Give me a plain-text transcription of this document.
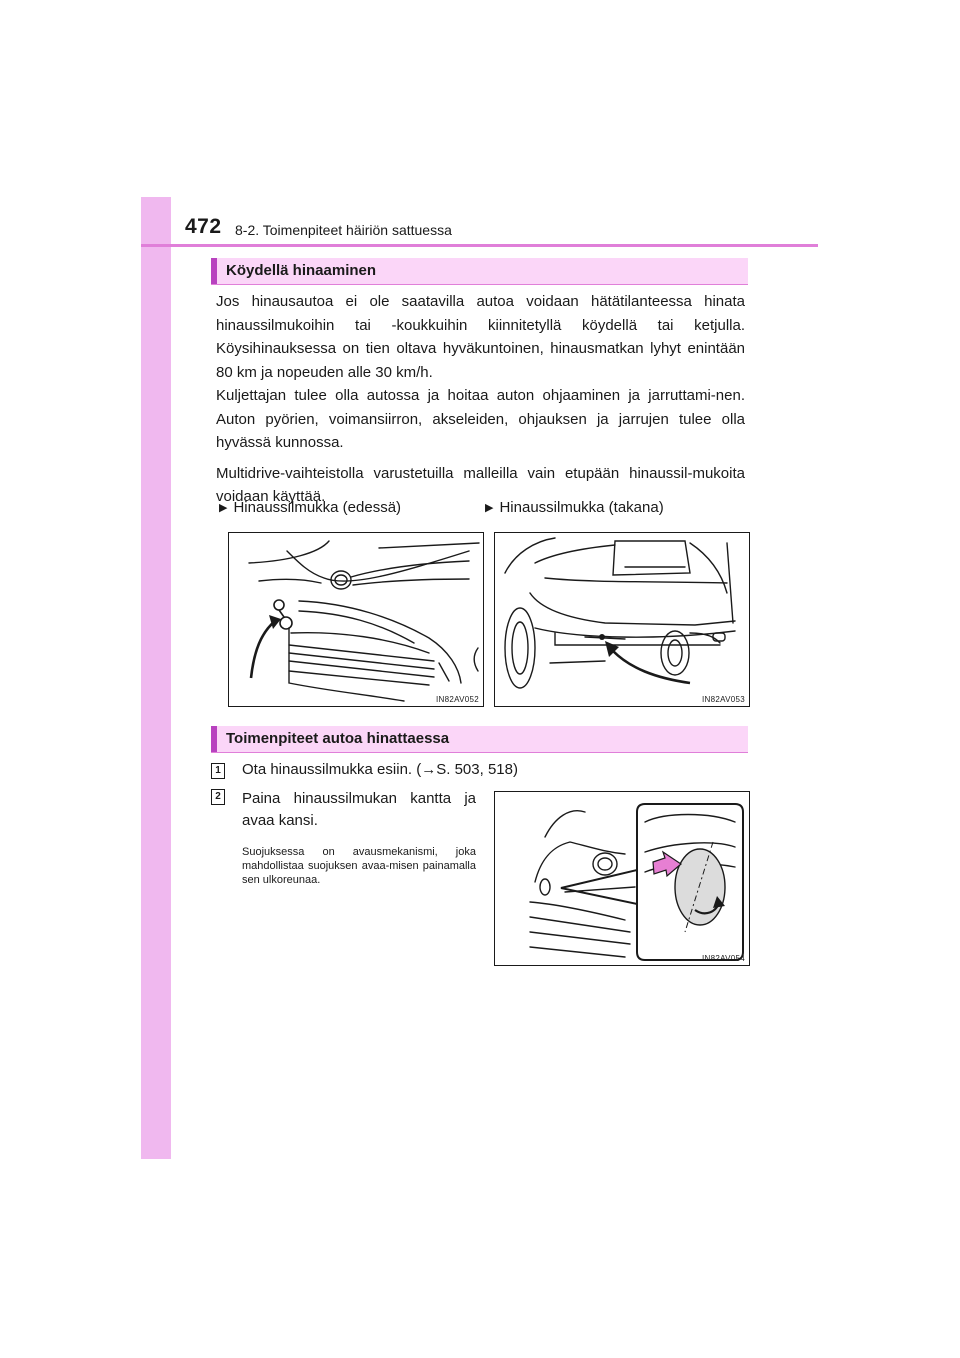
472 8-2. Toimenpiteet häiriön sattuessa
Köydellä hinaaminen

Jos hinausautoa ei ole saatavilla autoa voidaan hätätilanteessa hinata hinaussilmukoihin tai -koukkuihin kiinnitetyllä köydellä tai ketjulla. Köysihinauksessa on tien oltava hyväkuntoinen, hinausmatkan lyhyt enintään 80 km ja nopeuden alle 30 km/h.

Kuljettajan tulee olla autossa ja hoitaa auton ohjaaminen ja jarruttami-nen. Auton pyörien, voimansiirron, akseleiden, ohjauksen ja jarrujen tulee olla hyvässä kunnossa.

Multidrive-vaihteistolla varustetuilla malleilla vain etupään hinaussil-mukoita voidaan käyttää.

▶ Hinaussilmukka (edessä)	▶ Hinaussilmukka (takana)
IN82AV052	IN82AV053
Toimenpiteet autoa hinattaessa
1 Ota hinaussilmukka esiin. (→S. 503, 518)
2 Paina hinaussilmukan kantta ja avaa kansi.
Suojuksessa on avausmekanismi, joka mahdollistaa suojuksen avaa-misen painamalla sen ulkoreunaa.
IN82AV054
